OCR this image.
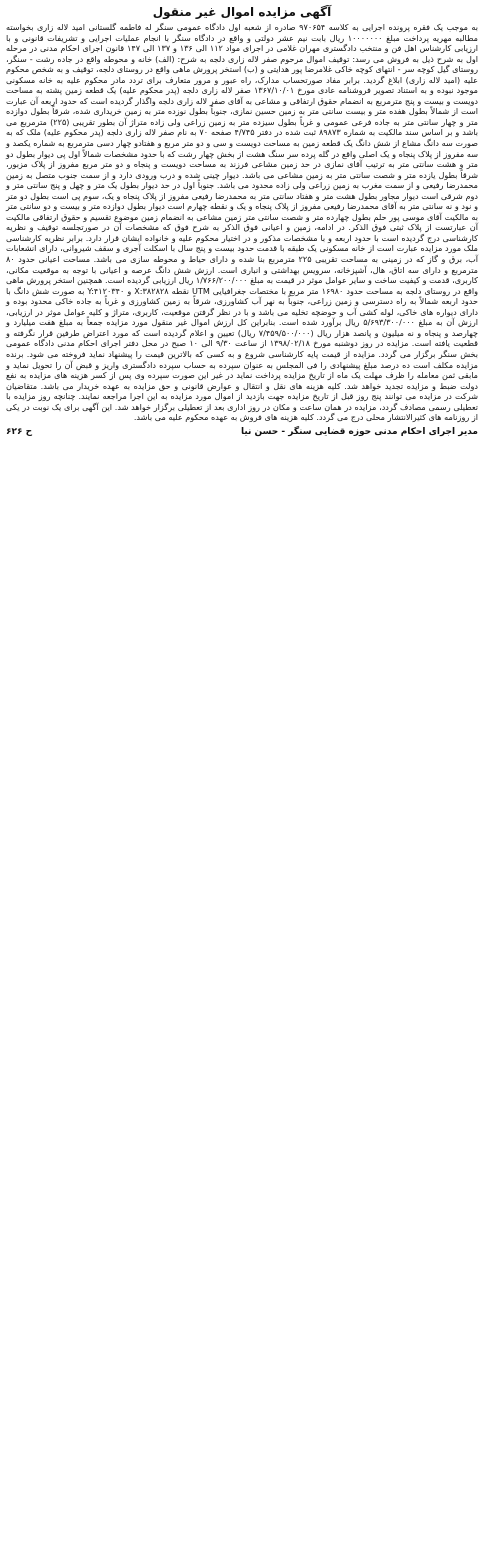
آگهی مزایده اموال غیر منقول

به موجب یک فقره پرونده اجرایی به کلاسه ۹۷۰۶۵۴ صادره از شعبه اول دادگاه عمومی سنگر له فاطمه گلستانی امید لاله زاری بخواسته مطالبه مهریه پرداخت مبلغ ۱۰۰۰۰۰۰۰ ریال بابت نیم عشر دولتی و واقع در دادگاه سنگر با انجام عملیات اجرایی و تشریفات قانونی و با ارزیابی کارشناس اهل فن و منتخب دادگستری مهران غلامی در اجرای مواد ۱۱۲ الی ۱۳۶ و ۱۳۷ الی ۱۴۷ قانون اجرای احکام مدنی در مرحله اول به شرح ذیل به فروش می رسد: توقیف اموال مرحوم صفر لاله زاری دلجه به شرح: (الف) خانه و محوطه واقع در جاده رشت - سنگر، روستای گیل کوچه سر - انتهای کوچه خاکی غلامرضا پور هدایتی و (ب) استخر پرورش ماهی واقع در روستای دلجه، توقیف و به شخص محکوم علیه (امید لاله زاری) ابلاغ گردید. برابر مفاد صورتحساب مدارک، راه عبور و مرور متعارف برای تردد مادر محکوم علیه به خانه مسکونی موجود نبوده و به استناد تصویر فروشنامه عادی مورخ ۱۳۶۷/۱۰/۰۱ صفر لاله زاری دلجه (پدر محکوم علیه) یک قطعه زمین پشته به مساحت دویست و بیست و پنج مترمربع به انضمام حقوق ارتفاقی و مشاعی به آقای صفر لاله زاری دلجه واگذار گردیده است که حدود اربعه آن عبارت است از شمالاً بطول هفده متر و بیست سانتی متر به زمین حسین نمازی، جنوباً بطول نوزده متر به زمین خریداری شده، شرقاً بطول دوازده متر و چهار سانتی متر به جاده فرعی عمومی و غرباً بطول سیزده متر به زمین زراعی ولی زاده متراژ آن بطور تقریبی (۲۲۵) مترمربع می باشد و بر اساس سند مالکیت به شماره ۸۹۸۷۳ ثبت شده در دفتر ۴/۷۴۵ صفحه ۷۰ به نام صفر لاله زاری دلجه (پدر محکوم علیه) ملک که به صورت سه دانگ مشاع از شش دانگ یک قطعه زمین به مساحت دویست و سی و دو متر مربع و هفتادو چهار دسی مترمربع به شماره یکصد و سه مفروز از پلاک پنجاه و یک اصلی واقع در گله پرده سر سنگ هشت از بخش چهار رشت که با حدود مشخصات شمالاً اول پی دیوار بطول دو متر و هشت سانتی متر به ترتیب آقای نمازی در حد زمین مشاعی فرزند به مساحت دویست و پنجاه و دو متر مربع مفروز از پلاک مزبور، شرقاً بطول یازده متر و شصت سانتی متر به زمین مشاعی می باشد. دیوار چینی شده و درب ورودی دارد و از سمت جنوب متصل به زمین محمدرضا رفیعی و از سمت مغرب به زمین زراعی ولی زاده محدود می باشد. جنوباً اول در حد دیوار بطول یک متر و چهل و پنج سانتی متر و دوم شرقی است دیوار مجاور بطول هشت متر و هفتاد سانتی متر به محمدرضا رفیعی مفروز از پلاک پنجاه و یک، سوم پی است بطول دو متر و نود و نه سانتی متر به آقای محمدرضا رفیعی مفروز از پلاک پنجاه و یک و نقطه چهارم است دیوار بطول دوازده متر و بیست و دو سانتی متر به مالکیت آقای موسی پور حلم بطول چهارده متر و شصت سانتی متر زمین مشاعی به انضمام زمین موضوع تقسیم و حقوق ارتفاقی مالکیت آن عبارتست از پلاک ثبتی فوق الذکر. در ادامه، زمین و اعیانی فوق الذکر به شرح فوق که مشخصات آن در صورتجلسه توقیف و نظریه کارشناسی درج گردیده است با حدود اربعه و با مشخصات مذکور و در اختیار محکوم علیه و خانواده ایشان قرار دارد. برابر نظریه کارشناسی ملک مورد مزایده عبارت است از خانه مسکونی یک طبقه با قدمت حدود بیست و پنج سال با اسکلت آجری و سقف شیروانی، دارای انشعابات آب، برق و گاز که در زمینی به مساحت تقریبی ۲۲۵ مترمربع بنا شده و دارای حیاط و محوطه سازی می باشد. مساحت اعیانی حدود ۸۰ مترمربع و دارای سه اتاق، هال، آشپزخانه، سرویس بهداشتی و انباری است. ارزش شش دانگ عرصه و اعیانی با توجه به موقعیت مکانی، کاربری، قدمت و کیفیت ساخت و سایر عوامل موثر در قیمت به مبلغ ۱/۷۶۶/۲۰۰/۰۰۰ ریال ارزیابی گردیده است. همچنین استخر پرورش ماهی واقع در روستای دلجه به مساحت حدود ۱۶۹۸۰ متر مربع با مختصات جغرافیایی UTM نقطه X:۳۸۲۸۲۸ و Y:۴۱۲۰۳۴۰ به صورت شش دانگ با حدود اربعه شمالاً به راه دسترسی و زمین زراعی، جنوباً به نهر آب کشاورزی، شرقاً به زمین کشاورزی و غرباً به جاده خاکی محدود بوده و دارای دیواره های خاکی، لوله کشی آب و حوضچه تخلیه می باشد و با در نظر گرفتن موقعیت، کاربری، متراژ و کلیه عوامل موثر در ارزیابی، ارزش آن به مبلغ ۵/۶۹۳/۳۰۰/۰۰۰ ریال برآورد شده است. بنابراین کل ارزش اموال غیر منقول مورد مزایده جمعاً به مبلغ هفت میلیارد و چهارصد و پنجاه و نه میلیون و پانصد هزار ریال (۷/۴۵۹/۵۰۰/۰۰۰ ریال) تعیین و اعلام گردیده است که مورد اعتراض طرفین قرار نگرفته و قطعیت یافته است. مزایده در روز دوشنبه مورخ ۱۳۹۸/۰۲/۱۸ از ساعت ۹/۳۰ الی ۱۰ صبح در محل دفتر اجرای احکام مدنی دادگاه عمومی بخش سنگر برگزار می گردد. مزایده از قیمت پایه کارشناسی شروع و به کسی که بالاترین قیمت را پیشنهاد نماید فروخته می شود. برنده مزایده مکلف است ده درصد مبلغ پیشنهادی را فی المجلس به عنوان سپرده به حساب سپرده دادگستری واریز و قبض آن را تحویل نماید و مابقی ثمن معامله را ظرف مهلت یک ماه از تاریخ مزایده پرداخت نماید در غیر این صورت سپرده وی پس از کسر هزینه های مزایده به نفع دولت ضبط و مزایده تجدید خواهد شد. کلیه هزینه های نقل و انتقال و عوارض قانونی و حق مزایده به عهده خریدار می باشد. متقاضیان شرکت در مزایده می توانند پنج روز قبل از تاریخ مزایده جهت بازدید از اموال مورد مزایده به این اجرا مراجعه نمایند. چنانچه روز مزایده با تعطیلی رسمی مصادف گردد، مزایده در همان ساعت و مکان در روز اداری بعد از تعطیلی برگزار خواهد شد. این آگهی برای یک نوبت در یکی از روزنامه های کثیرالانتشار محلی درج می گردد. کلیه هزینه های فروش به عهده محکوم علیه می باشد.

مدیر اجرای احکام مدنی حوزه قضایی سنگر - حسن نیا
ح ۶۲۶
